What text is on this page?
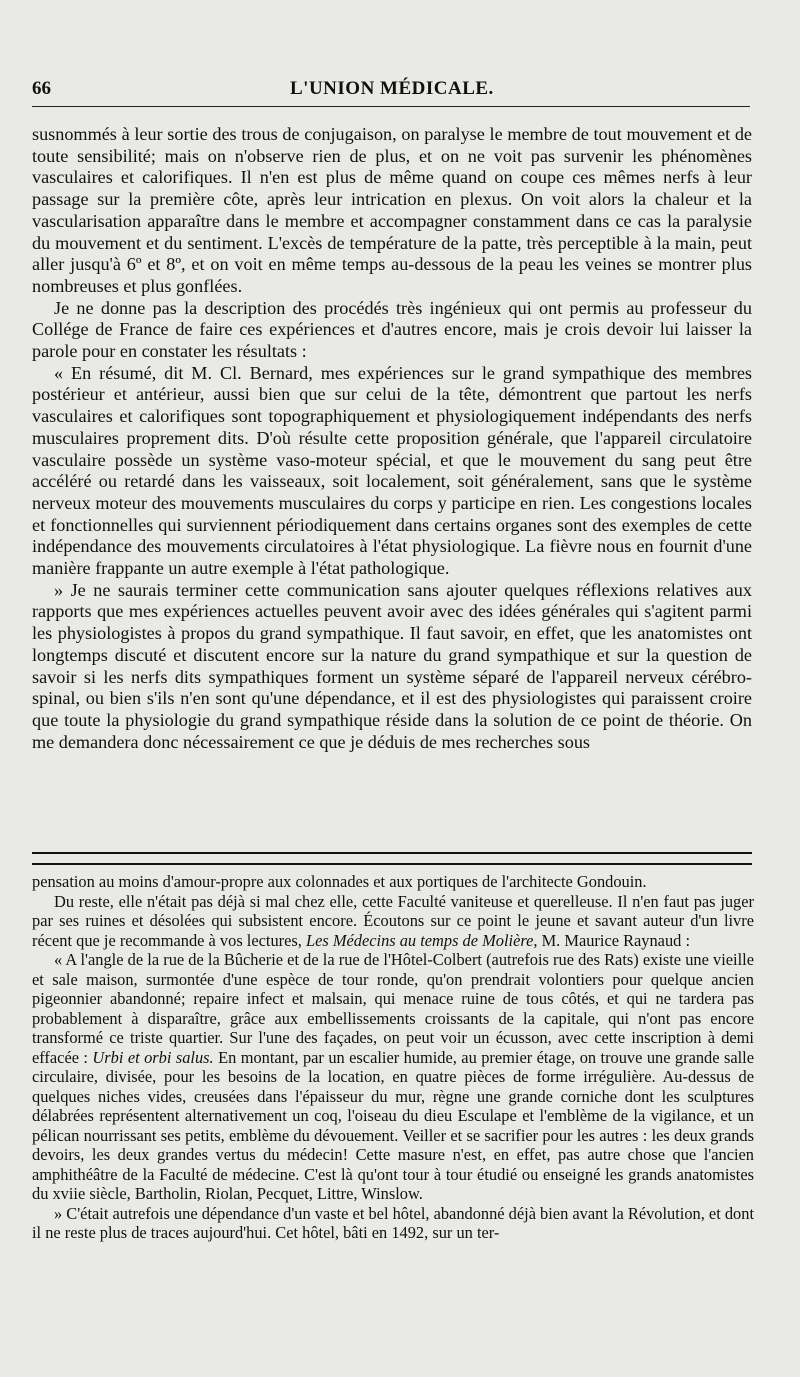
66	L'UNION MÉDICALE.

susnommés à leur sortie des trous de conjugaison, on paralyse le membre de tout mouvement et de toute sensibilité; mais on n'observe rien de plus, et on ne voit pas survenir les phénomènes vasculaires et calorifiques. Il n'en est plus de même quand on coupe ces mêmes nerfs à leur passage sur la première côte, après leur intrication en plexus. On voit alors la chaleur et la vascularisation apparaître dans le membre et accompagner constamment dans ce cas la paralysie du mouvement et du sentiment. L'excès de température de la patte, très perceptible à la main, peut aller jusqu'à 6º et 8º, et on voit en même temps au-dessous de la peau les veines se montrer plus nombreuses et plus gonflées.

Je ne donne pas la description des procédés très ingénieux qui ont permis au professeur du Collége de France de faire ces expériences et d'autres encore, mais je crois devoir lui laisser la parole pour en constater les résultats :

« En résumé, dit M. Cl. Bernard, mes expériences sur le grand sympathique des membres postérieur et antérieur, aussi bien que sur celui de la tête, démontrent que partout les nerfs vasculaires et calorifiques sont topographiquement et physiologiquement indépendants des nerfs musculaires proprement dits. D'où résulte cette proposition générale, que l'appareil circulatoire vasculaire possède un système vaso-moteur spécial, et que le mouvement du sang peut être accéléré ou retardé dans les vaisseaux, soit localement, soit généralement, sans que le système nerveux moteur des mouvements musculaires du corps y participe en rien. Les congestions locales et fonctionnelles qui surviennent périodiquement dans certains organes sont des exemples de cette indépendance des mouvements circulatoires à l'état physiologique. La fièvre nous en fournit d'une manière frappante un autre exemple à l'état pathologique.

» Je ne saurais terminer cette communication sans ajouter quelques réflexions relatives aux rapports que mes expériences actuelles peuvent avoir avec des idées générales qui s'agitent parmi les physiologistes à propos du grand sympathique. Il faut savoir, en effet, que les anatomistes ont longtemps discuté et discutent encore sur la nature du grand sympathique et sur la question de savoir si les nerfs dits sympathiques forment un système séparé de l'appareil nerveux cérébro-spinal, ou bien s'ils n'en sont qu'une dépendance, et il est des physiologistes qui paraissent croire que toute la physiologie du grand sympathique réside dans la solution de ce point de théorie. On me demandera donc nécessairement ce que je déduis de mes recherches sous

pensation au moins d'amour-propre aux colonnades et aux portiques de l'architecte Gondouin.

Du reste, elle n'était pas déjà si mal chez elle, cette Faculté vaniteuse et querelleuse. Il n'en faut pas juger par ses ruines et désolées qui subsistent encore. Écoutons sur ce point le jeune et savant auteur d'un livre récent que je recommande à vos lectures, Les Médecins au temps de Molière, M. Maurice Raynaud :

« A l'angle de la rue de la Bûcherie et de la rue de l'Hôtel-Colbert (autrefois rue des Rats) existe une vieille et sale maison, surmontée d'une espèce de tour ronde, qu'on prendrait volontiers pour quelque ancien pigeonnier abandonné; repaire infect et malsain, qui menace ruine de tous côtés, et qui ne tardera pas probablement à disparaître, grâce aux embellissements croissants de la capitale, qui n'ont pas encore transformé ce triste quartier. Sur l'une des façades, on peut voir un écusson, avec cette inscription à demi effacée : Urbi et orbi salus. En montant, par un escalier humide, au premier étage, on trouve une grande salle circulaire, divisée, pour les besoins de la location, en quatre pièces de forme irrégulière. Au-dessus de quelques niches vides, creusées dans l'épaisseur du mur, règne une grande corniche dont les sculptures délabrées représentent alternativement un coq, l'oiseau du dieu Esculape et l'emblème de la vigilance, et un pélican nourrissant ses petits, emblème du dévouement. Veiller et se sacrifier pour les autres : les deux grands devoirs, les deux grandes vertus du médecin! Cette masure n'est, en effet, pas autre chose que l'ancien amphithéâtre de la Faculté de médecine. C'est là qu'ont tour à tour étudié ou enseigné les grands anatomistes du xviie siècle, Bartholin, Riolan, Pecquet, Littre, Winslow.

» C'était autrefois une dépendance d'un vaste et bel hôtel, abandonné déjà bien avant la Révolution, et dont il ne reste plus de traces aujourd'hui. Cet hôtel, bâti en 1492, sur un ter-
